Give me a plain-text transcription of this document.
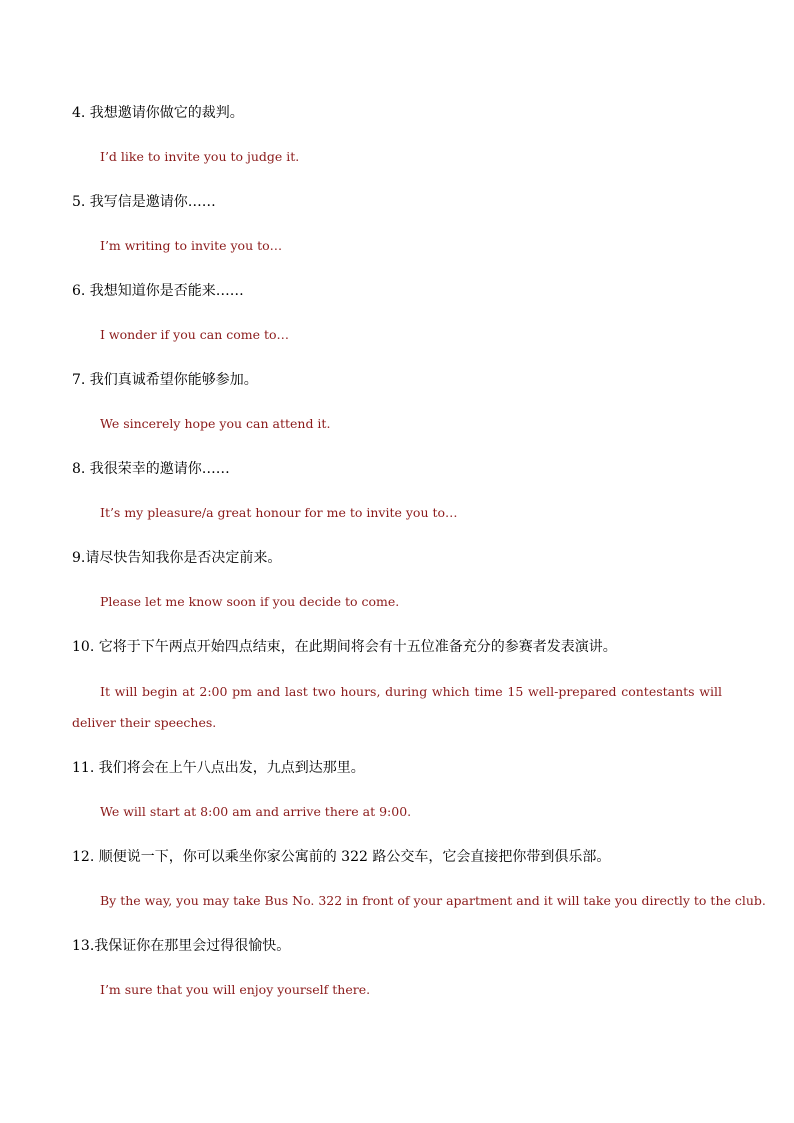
4. 我想邀请你做它的裁判。
I’d like to invite you to judge it.
5. 我写信是邀请你……
I’m writing to invite you to…
6. 我想知道你是否能来……
I wonder if you can come to…
7. 我们真诚希望你能够参加。
We sincerely hope you can attend it.
8. 我很荣幸的邀请你……
It’s my pleasure/a great honour for me to invite you to…
9.请尽快告知我你是否决定前来。
Please let me know soon if you decide to come.
10. 它将于下午两点开始四点结束，在此期间将会有十五位准备充分的参赛者发表演讲。
It will begin at 2:00 pm and last two hours, during which time 15 well-prepared contestants will deliver their speeches.
11. 我们将会在上午八点出发，九点到达那里。
We will start at 8:00 am and arrive there at 9:00.
12. 顺便说一下，你可以乘坐你家公寓前的 322 路公交车，它会直接把你带到俱乐部。
By the way, you may take Bus No. 322 in front of your apartment and it will take you directly to the club.
13.我保证你在那里会过得很愉快。
I’m sure that you will enjoy yourself there.
